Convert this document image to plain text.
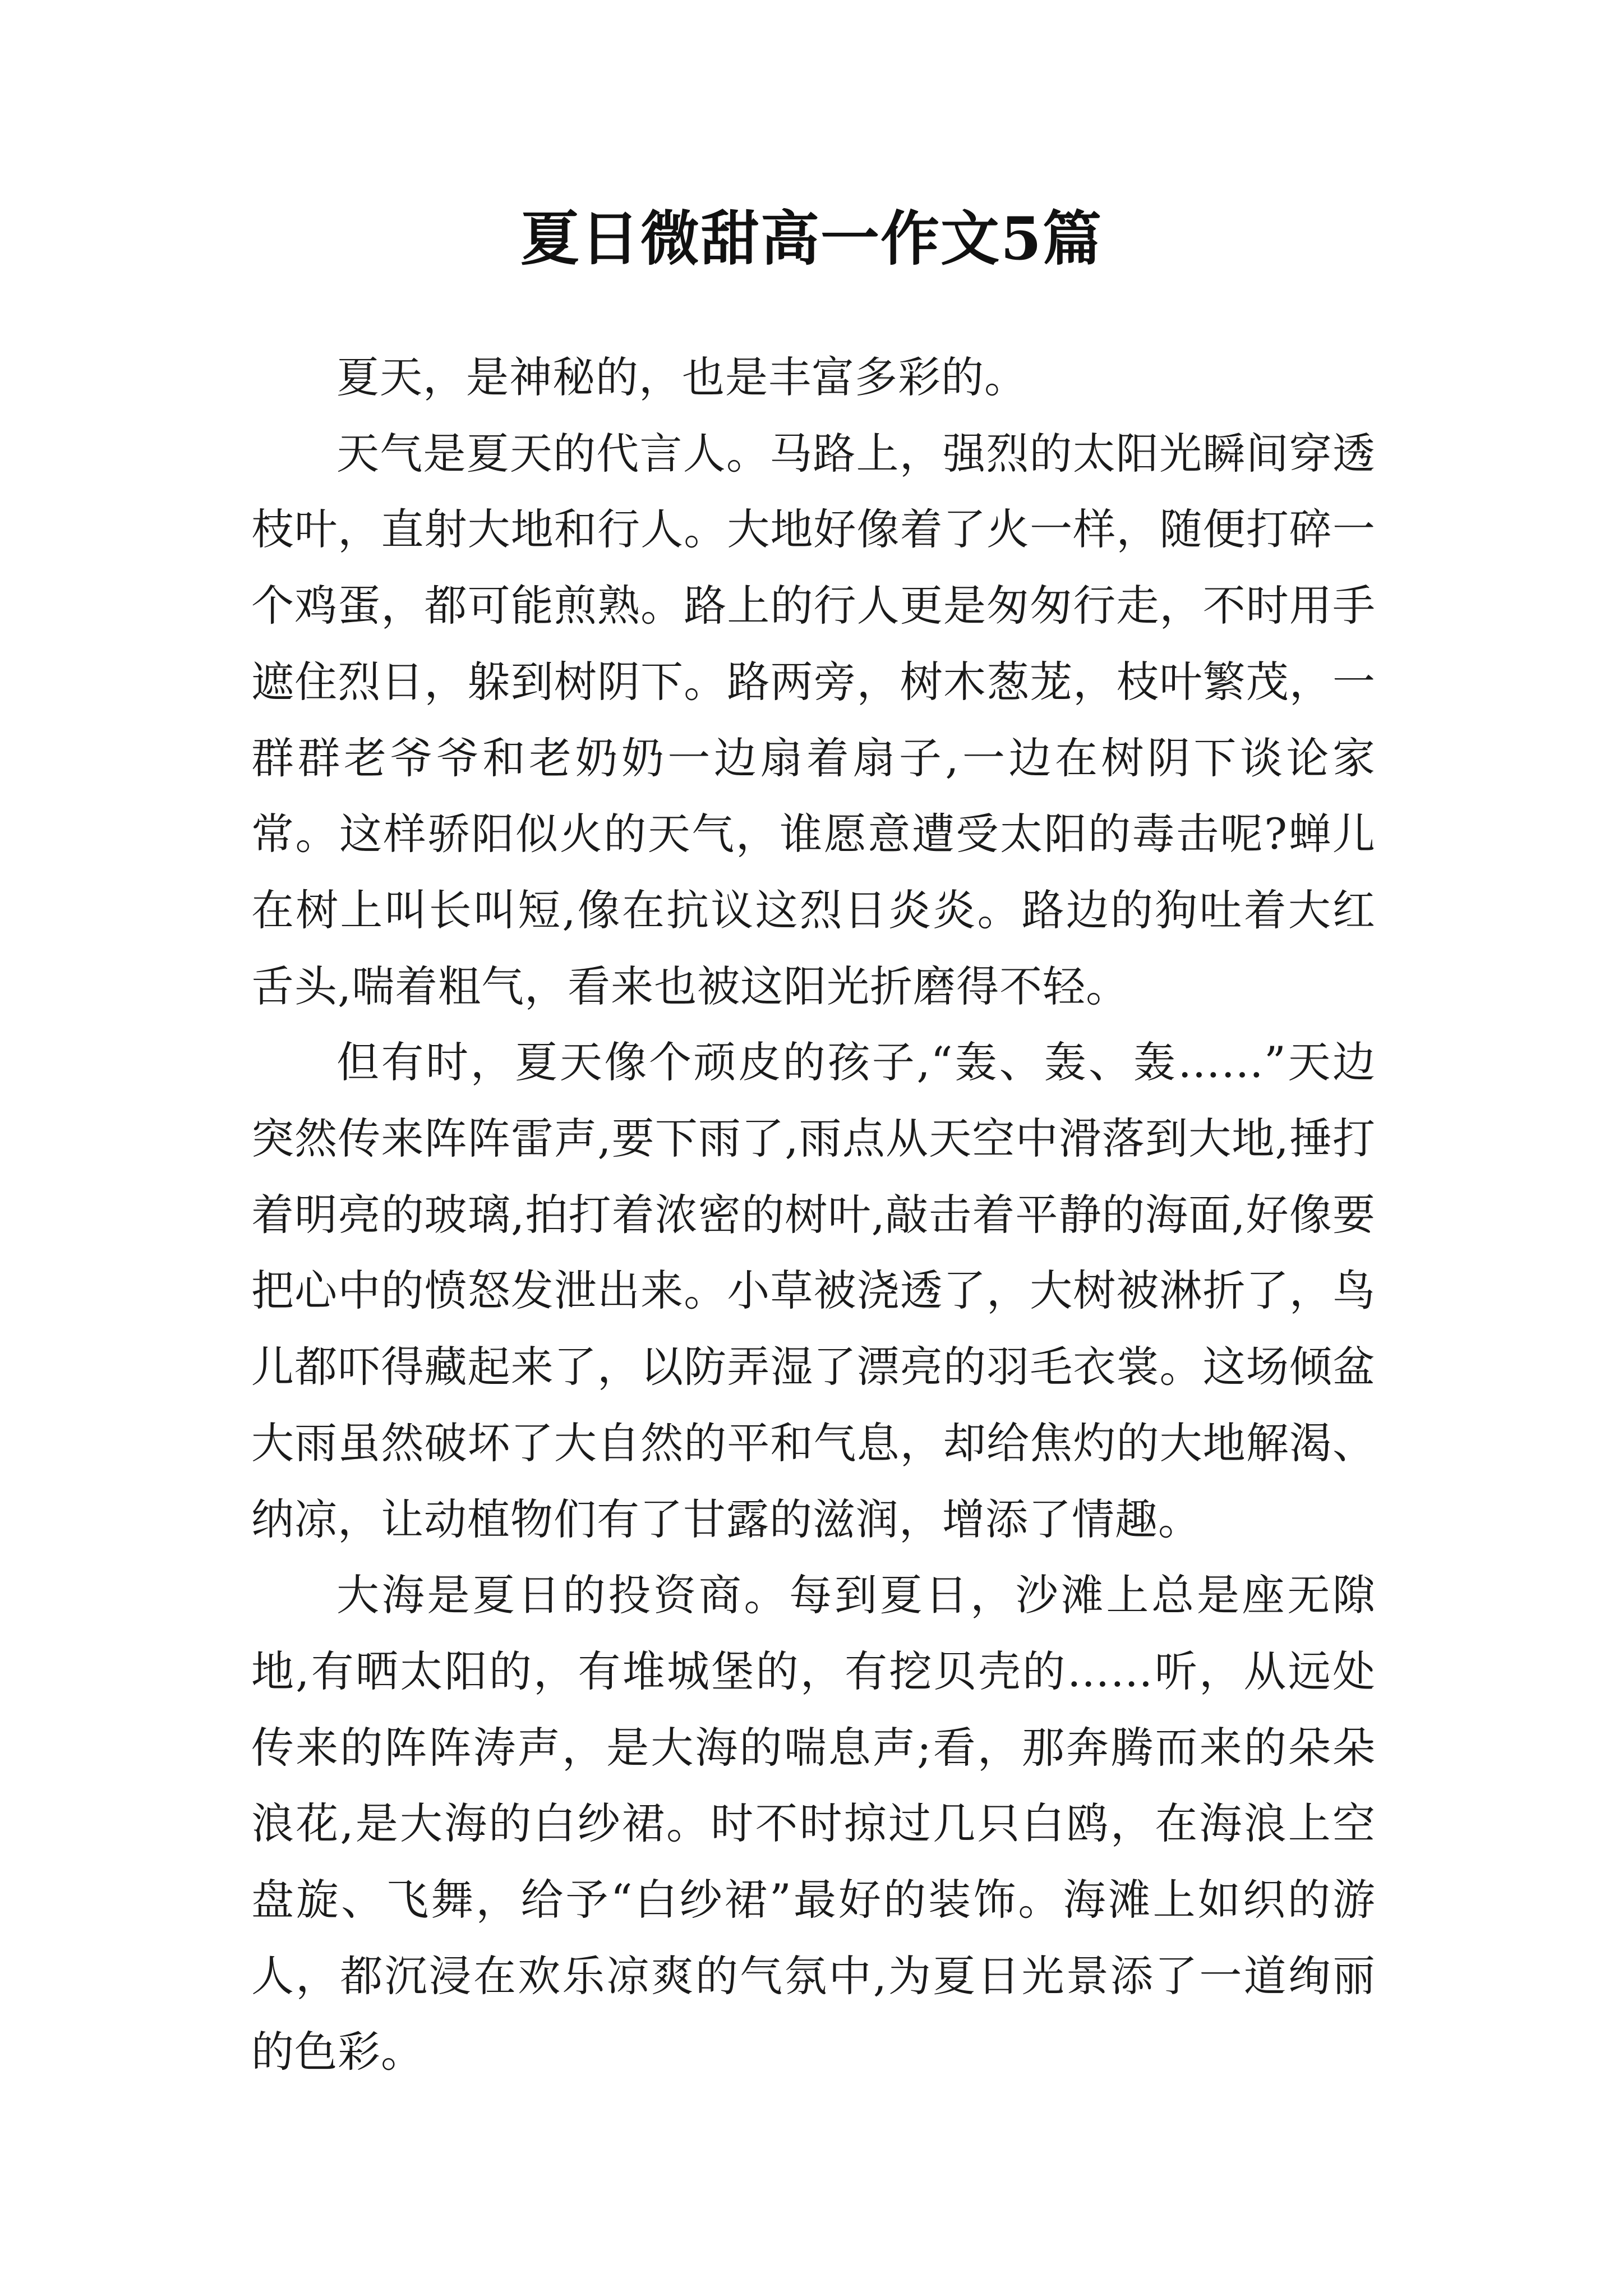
夏日微甜高一作文5篇

夏天，是神秘的，也是丰富多彩的。

天气是夏天的代言人。马路上，强烈的太阳光瞬间穿透枝叶，直射大地和行人。大地好像着了火一样，随便打碎一个鸡蛋，都可能煎熟。路上的行人更是匆匆行走，不时用手遮住烈日，躲到树阴下。路两旁，树木葱茏，枝叶繁茂，一群群老爷爷和老奶奶一边扇着扇子,一边在树阴下谈论家常。这样骄阳似火的天气，谁愿意遭受太阳的毒击呢?蝉儿在树上叫长叫短,像在抗议这烈日炎炎。路边的狗吐着大红舌头,喘着粗气，看来也被这阳光折磨得不轻。

但有时，夏天像个顽皮的孩子,“轰、轰、轰……”天边突然传来阵阵雷声,要下雨了,雨点从天空中滑落到大地,捶打着明亮的玻璃,拍打着浓密的树叶,敲击着平静的海面,好像要把心中的愤怒发泄出来。小草被浇透了，大树被淋折了，鸟儿都吓得藏起来了，以防弄湿了漂亮的羽毛衣裳。这场倾盆大雨虽然破坏了大自然的平和气息，却给焦灼的大地解渴、纳凉，让动植物们有了甘露的滋润，增添了情趣。

大海是夏日的投资商。每到夏日，沙滩上总是座无隙地,有晒太阳的，有堆城堡的，有挖贝壳的……听，从远处传来的阵阵涛声，是大海的喘息声;看，那奔腾而来的朵朵浪花,是大海的白纱裙。时不时掠过几只白鸥，在海浪上空盘旋、飞舞，给予“白纱裙”最好的装饰。海滩上如织的游人，都沉浸在欢乐凉爽的气氛中,为夏日光景添了一道绚丽的色彩。
